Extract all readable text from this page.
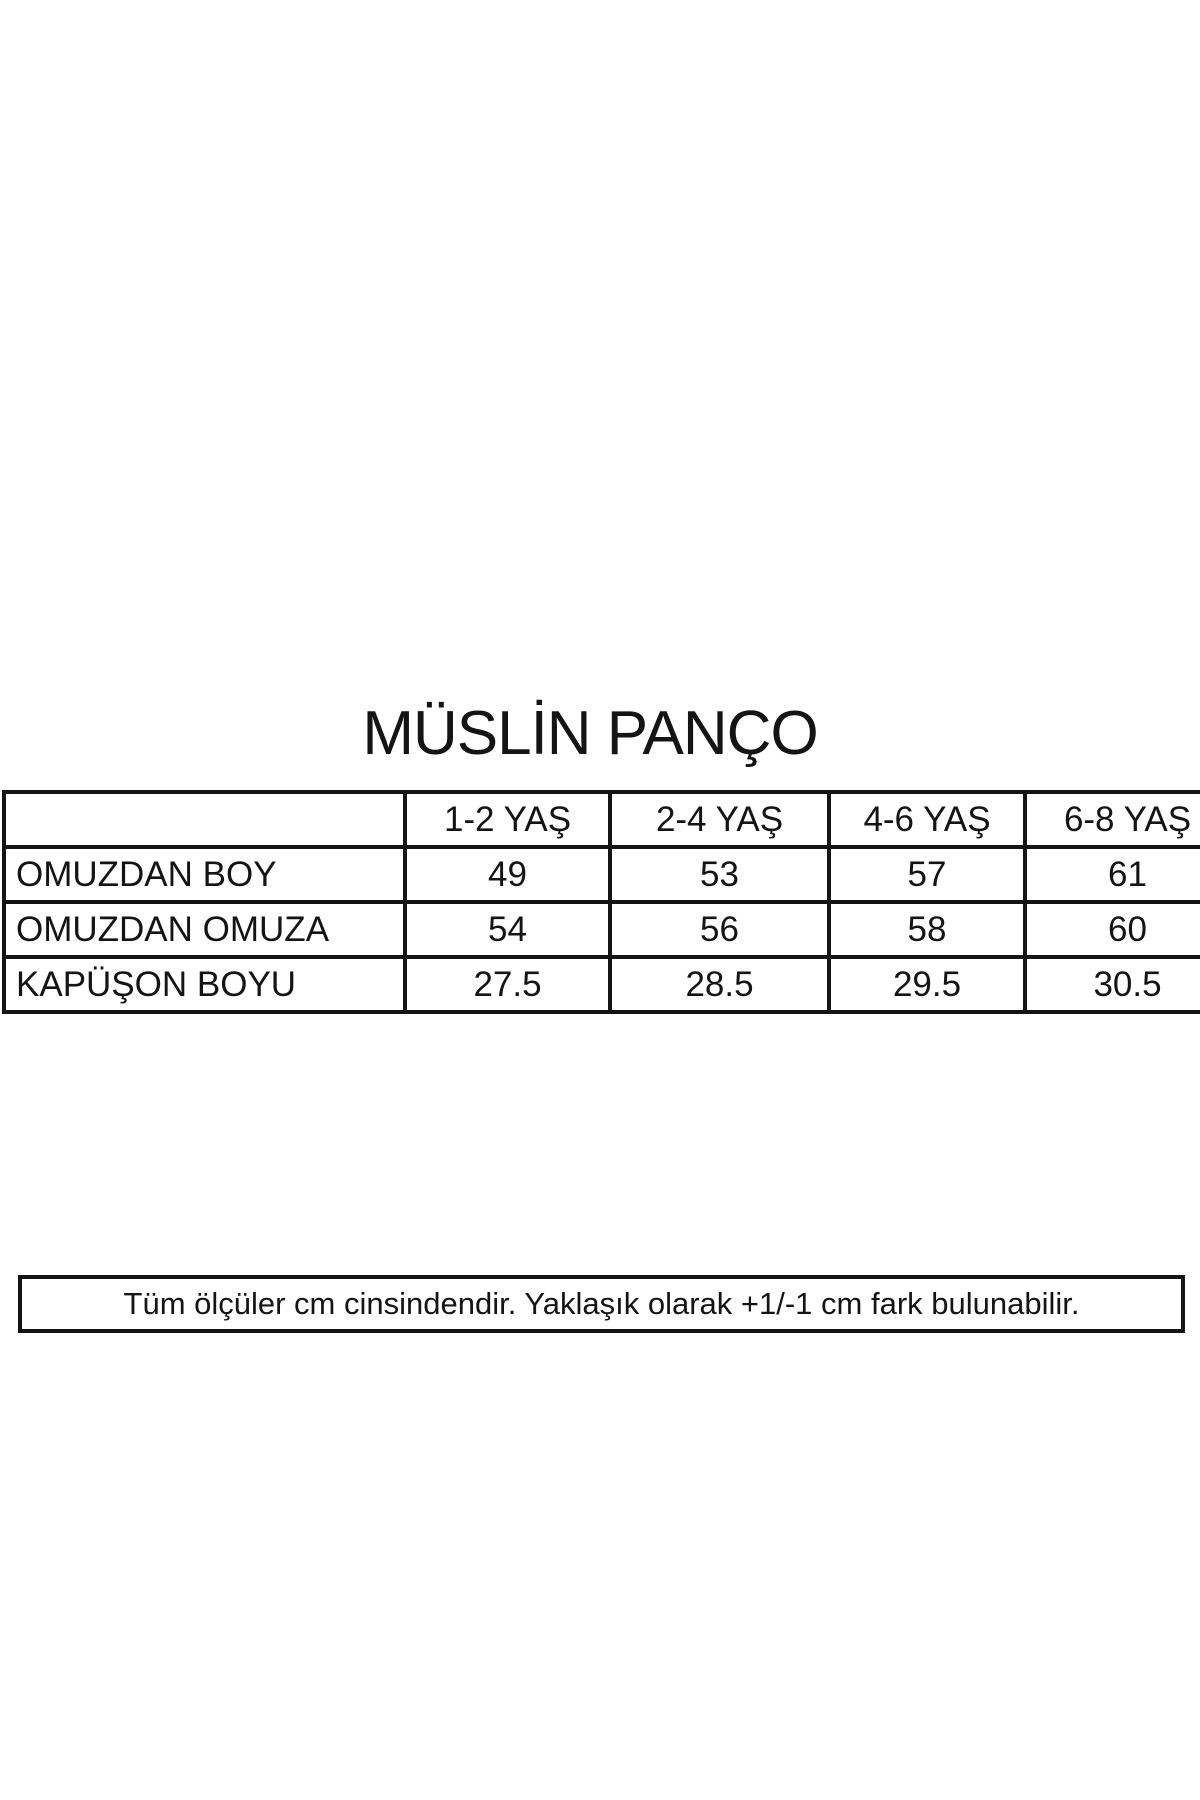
MÜSLİN PANÇO
	1-2 YAŞ	2-4 YAŞ	4-6 YAŞ	6-8 YAŞ
OMUZDAN BOY	49	53	57	61
OMUZDAN OMUZA	54	56	58	60
KAPÜŞON BOYU	27.5	28.5	29.5	30.5
Tüm ölçüler cm cinsindendir. Yaklaşık olarak +1/-1 cm fark bulunabilir.
